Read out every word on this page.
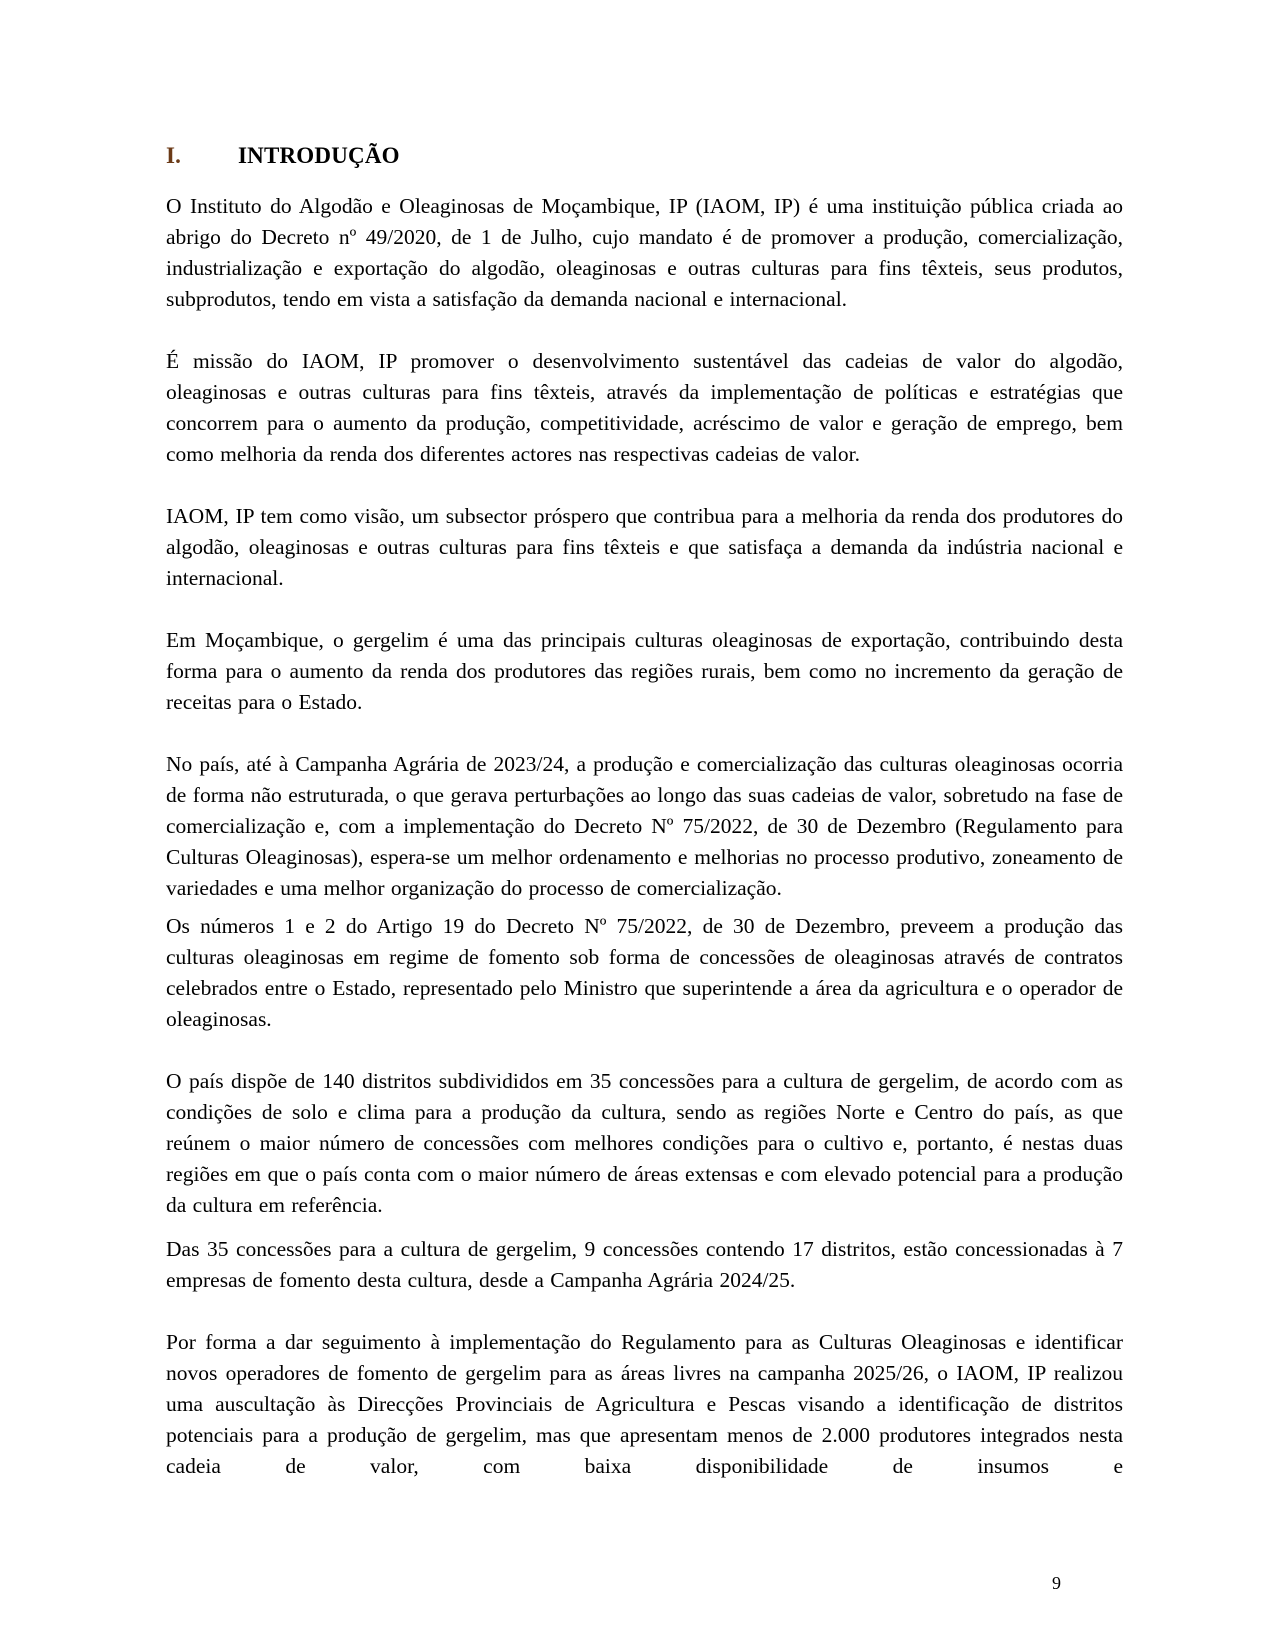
I. INTRODUÇÃO

O Instituto do Algodão e Oleaginosas de Moçambique, IP (IAOM, IP) é uma instituição pública criada ao abrigo do Decreto nº 49/2020, de 1 de Julho, cujo mandato é de promover a produção, comercialização, industrialização e exportação do algodão, oleaginosas e outras culturas para fins têxteis, seus produtos, subprodutos, tendo em vista a satisfação da demanda nacional e internacional.

É missão do IAOM, IP promover o desenvolvimento sustentável das cadeias de valor do algodão, oleaginosas e outras culturas para fins têxteis, através da implementação de políticas e estratégias que concorrem para o aumento da produção, competitividade, acréscimo de valor e geração de emprego, bem como melhoria da renda dos diferentes actores nas respectivas cadeias de valor.

IAOM, IP tem como visão, um subsector próspero que contribua para a melhoria da renda dos produtores do algodão, oleaginosas e outras culturas para fins têxteis e que satisfaça a demanda da indústria nacional e internacional.

Em Moçambique, o gergelim é uma das principais culturas oleaginosas de exportação, contribuindo desta forma para o aumento da renda dos produtores das regiões rurais, bem como no incremento da geração de receitas para o Estado.

No país, até à Campanha Agrária de 2023/24, a produção e comercialização das culturas oleaginosas ocorria de forma não estruturada, o que gerava perturbações ao longo das suas cadeias de valor, sobretudo na fase de comercialização e, com a implementação do Decreto Nº 75/2022, de 30 de Dezembro (Regulamento para Culturas Oleaginosas), espera-se um melhor ordenamento e melhorias no processo produtivo, zoneamento de variedades e uma melhor organização do processo de comercialização.

Os números 1 e 2 do Artigo 19 do Decreto Nº 75/2022, de 30 de Dezembro, preveem a produção das culturas oleaginosas em regime de fomento sob forma de concessões de oleaginosas através de contratos celebrados entre o Estado, representado pelo Ministro que superintende a área da agricultura e o operador de oleaginosas.

O país dispõe de 140 distritos subdivididos em 35 concessões para a cultura de gergelim, de acordo com as condições de solo e clima para a produção da cultura, sendo as regiões Norte e Centro do país, as que reúnem o maior número de concessões com melhores condições para o cultivo e, portanto, é nestas duas regiões em que o país conta com o maior número de áreas extensas e com elevado potencial para a produção da cultura em referência.

Das 35 concessões para a cultura de gergelim, 9 concessões contendo 17 distritos, estão concessionadas à 7 empresas de fomento desta cultura, desde a Campanha Agrária 2024/25.

Por forma a dar seguimento à implementação do Regulamento para as Culturas Oleaginosas e identificar novos operadores de fomento de gergelim para as áreas livres na campanha 2025/26, o IAOM, IP realizou uma auscultação às Direcções Provinciais de Agricultura e Pescas visando a identificação de distritos potenciais para a produção de gergelim, mas que apresentam menos de 2.000 produtores integrados nesta cadeia de valor, com baixa disponibilidade de insumos e

9
